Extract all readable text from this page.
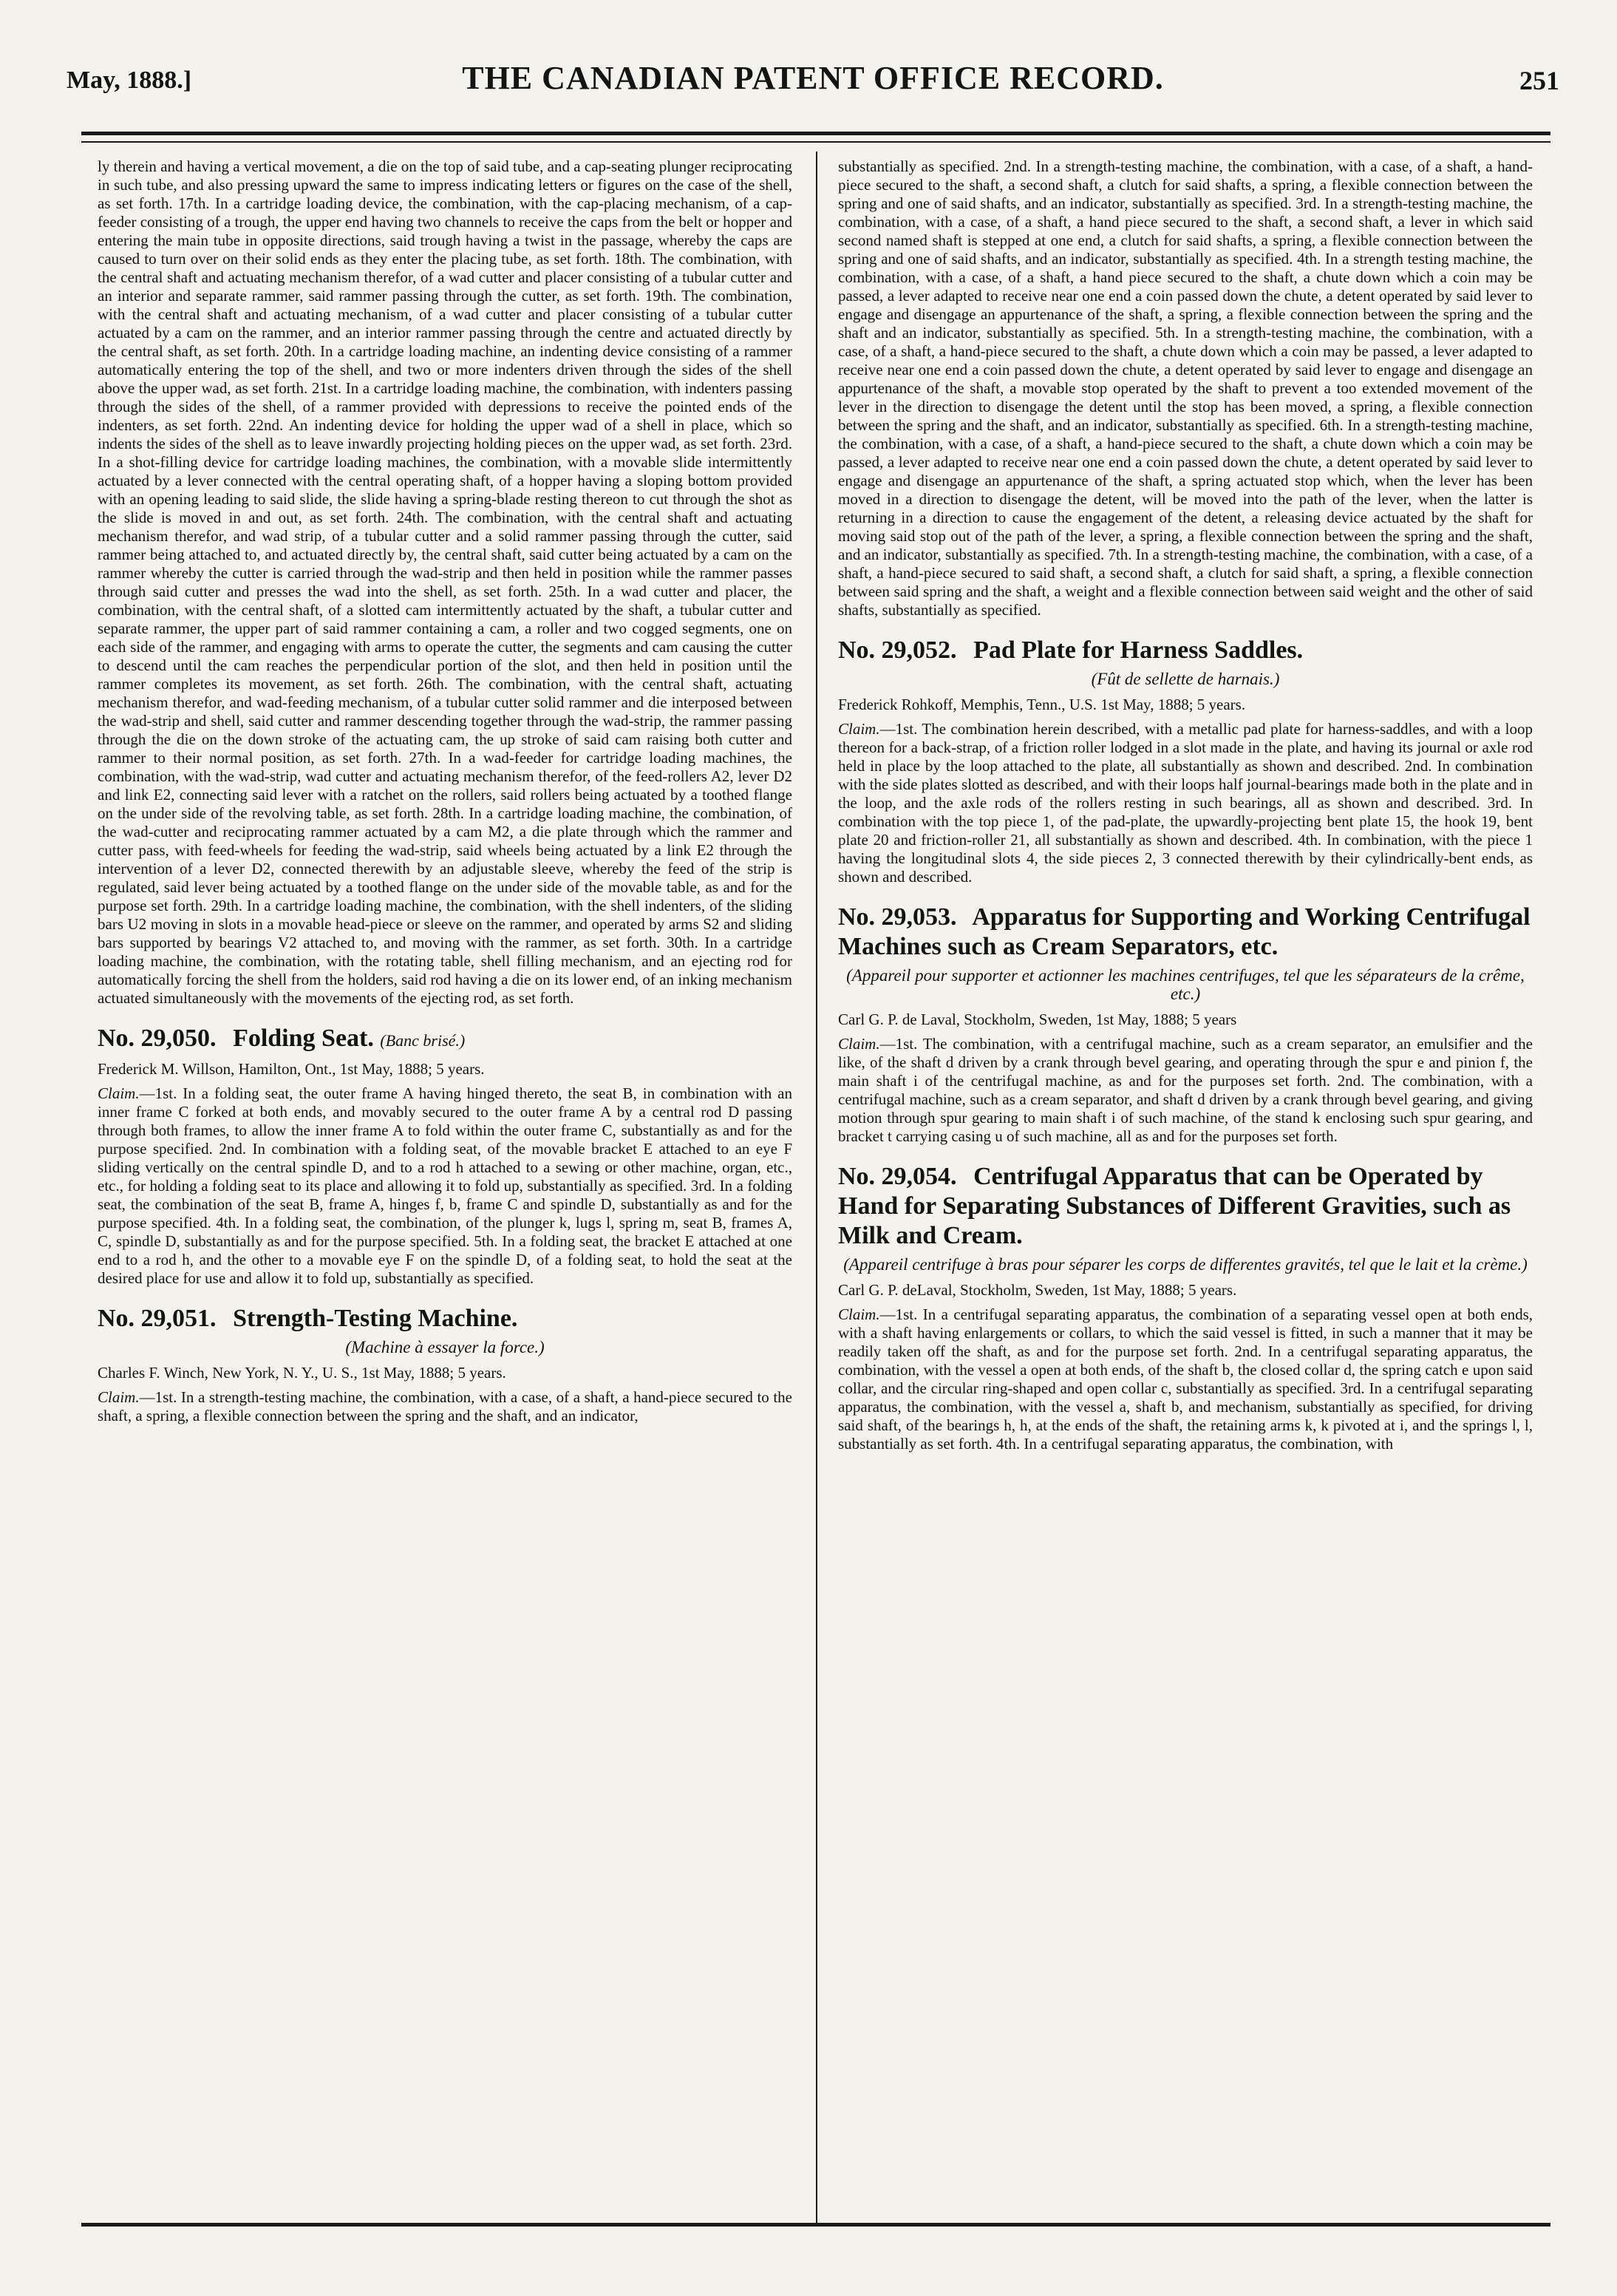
May, 1888.]	THE CANADIAN PATENT OFFICE RECORD.	251

ly therein and having a vertical movement, a die on the top of said tube, and a cap-seating plunger reciprocating in such tube, and also pressing upward the same to impress indicating letters or figures on the case of the shell, as set forth. 17th. In a cartridge loading device, the combination, with the cap-placing mechanism, of a cap-feeder consisting of a trough, the upper end having two channels to receive the caps from the belt or hopper and entering the main tube in opposite directions, said trough having a twist in the passage, whereby the caps are caused to turn over on their solid ends as they enter the placing tube, as set forth. 18th. The combination, with the central shaft and actuating mechanism therefor, of a wad cutter and placer consisting of a tubular cutter and an interior and separate rammer, said rammer passing through the cutter, as set forth. 19th. The combination, with the central shaft and actuating mechanism, of a wad cutter and placer consisting of a tubular cutter actuated by a cam on the rammer, and an interior rammer passing through the centre and actuated directly by the central shaft, as set forth. 20th. In a cartridge loading machine, an indenting device consisting of a rammer automatically entering the top of the shell, and two or more indenters driven through the sides of the shell above the upper wad, as set forth. 21st. In a cartridge loading machine, the combination, with indenters passing through the sides of the shell, of a rammer provided with depressions to receive the pointed ends of the indenters, as set forth. 22nd. An indenting device for holding the upper wad of a shell in place, which so indents the sides of the shell as to leave inwardly projecting holding pieces on the upper wad, as set forth. 23rd. In a shot-filling device for cartridge loading machines, the combination, with a movable slide intermittently actuated by a lever connected with the central operating shaft, of a hopper having a sloping bottom provided with an opening leading to said slide, the slide having a spring-blade resting thereon to cut through the shot as the slide is moved in and out, as set forth. 24th. The combination, with the central shaft and actuating mechanism therefor, and wad strip, of a tubular cutter and a solid rammer passing through the cutter, said rammer being attached to, and actuated directly by, the central shaft, said cutter being actuated by a cam on the rammer whereby the cutter is carried through the wad-strip and then held in position while the rammer passes through said cutter and presses the wad into the shell, as set forth. 25th. In a wad cutter and placer, the combination, with the central shaft, of a slotted cam intermittently actuated by the shaft, a tubular cutter and separate rammer, the upper part of said rammer containing a cam, a roller and two cogged segments, one on each side of the rammer, and engaging with arms to operate the cutter, the segments and cam causing the cutter to descend until the cam reaches the perpendicular portion of the slot, and then held in position until the rammer completes its movement, as set forth. 26th. The combination, with the central shaft, actuating mechanism therefor, and wad-feeding mechanism, of a tubular cutter solid rammer and die interposed between the wad-strip and shell, said cutter and rammer descending together through the wad-strip, the rammer passing through the die on the down stroke of the actuating cam, the up stroke of said cam raising both cutter and rammer to their normal position, as set forth. 27th. In a wad-feeder for cartridge loading machines, the combination, with the wad-strip, wad cutter and actuating mechanism therefor, of the feed-rollers A2, lever D2 and link E2, connecting said lever with a ratchet on the rollers, said rollers being actuated by a toothed flange on the under side of the revolving table, as set forth. 28th. In a cartridge loading machine, the combination, of the wad-cutter and reciprocating rammer actuated by a cam M2, a die plate through which the rammer and cutter pass, with feed-wheels for feeding the wad-strip, said wheels being actuated by a link E2 through the intervention of a lever D2, connected therewith by an adjustable sleeve, whereby the feed of the strip is regulated, said lever being actuated by a toothed flange on the under side of the movable table, as and for the purpose set forth. 29th. In a cartridge loading machine, the combination, with the shell indenters, of the sliding bars U2 moving in slots in a movable head-piece or sleeve on the rammer, and operated by arms S2 and sliding bars supported by bearings V2 attached to, and moving with the rammer, as set forth. 30th. In a cartridge loading machine, the combination, with the rotating table, shell filling mechanism, and an ejecting rod for automatically forcing the shell from the holders, said rod having a die on its lower end, of an inking mechanism actuated simultaneously with the movements of the ejecting rod, as set forth.

No. 29,050. Folding Seat. (Banc brisé.)
Frederick M. Willson, Hamilton, Ont., 1st May, 1888; 5 years.

Claim.—1st. In a folding seat, the outer frame A having hinged thereto, the seat B, in combination with an inner frame C forked at both ends, and movably secured to the outer frame A by a central rod D passing through both frames, to allow the inner frame A to fold within the outer frame C, substantially as and for the purpose specified. 2nd. In combination with a folding seat, of the movable bracket E attached to an eye F sliding vertically on the central spindle D, and to a rod h attached to a sewing or other machine, organ, etc., etc., for holding a folding seat to its place and allowing it to fold up, substantially as specified. 3rd. In a folding seat, the combination of the seat B, frame A, hinges f, b, frame C and spindle D, substantially as and for the purpose specified. 4th. In a folding seat, the combination, of the plunger k, lugs l, spring m, seat B, frames A, C, spindle D, substantially as and for the purpose specified. 5th. In a folding seat, the bracket E attached at one end to a rod h, and the other to a movable eye F on the spindle D, of a folding seat, to hold the seat at the desired place for use and allow it to fold up, substantially as specified.

No. 29,051. Strength-Testing Machine.
(Machine à essayer la force.)
Charles F. Winch, New York, N. Y., U. S., 1st May, 1888; 5 years.

Claim.—1st. In a strength-testing machine, the combination, with a case, of a shaft, a hand-piece secured to the shaft, a spring, a flexible connection between the spring and the shaft, and an indicator,

substantially as specified. 2nd. In a strength-testing machine, the combination, with a case, of a shaft, a hand-piece secured to the shaft, a second shaft, a clutch for said shafts, a spring, a flexible connection between the spring and one of said shafts, and an indicator, substantially as specified. 3rd. In a strength-testing machine, the combination, with a case, of a shaft, a hand piece secured to the shaft, a second shaft, a lever in which said second named shaft is stepped at one end, a clutch for said shafts, a spring, a flexible connection between the spring and one of said shafts, and an indicator, substantially as specified. 4th. In a strength testing machine, the combination, with a case, of a shaft, a hand piece secured to the shaft, a chute down which a coin may be passed, a lever adapted to receive near one end a coin passed down the chute, a detent operated by said lever to engage and disengage an appurtenance of the shaft, a spring, a flexible connection between the spring and the shaft and an indicator, substantially as specified. 5th. In a strength-testing machine, the combination, with a case, of a shaft, a hand-piece secured to the shaft, a chute down which a coin may be passed, a lever adapted to receive near one end a coin passed down the chute, a detent operated by said lever to engage and disengage an appurtenance of the shaft, a movable stop operated by the shaft to prevent a too extended movement of the lever in the direction to disengage the detent until the stop has been moved, a spring, a flexible connection between the spring and the shaft, and an indicator, substantially as specified. 6th. In a strength-testing machine, the combination, with a case, of a shaft, a hand-piece secured to the shaft, a chute down which a coin may be passed, a lever adapted to receive near one end a coin passed down the chute, a detent operated by said lever to engage and disengage an appurtenance of the shaft, a spring actuated stop which, when the lever has been moved in a direction to disengage the detent, will be moved into the path of the lever, when the latter is returning in a direction to cause the engagement of the detent, a releasing device actuated by the shaft for moving said stop out of the path of the lever, a spring, a flexible connection between the spring and the shaft, and an indicator, substantially as specified. 7th. In a strength-testing machine, the combination, with a case, of a shaft, a hand-piece secured to said shaft, a second shaft, a clutch for said shaft, a spring, a flexible connection between said spring and the shaft, a weight and a flexible connection between said weight and the other of said shafts, substantially as specified.

No. 29,052. Pad Plate for Harness Saddles.
(Fût de sellette de harnais.)
Frederick Rohkoff, Memphis, Tenn., U.S. 1st May, 1888; 5 years.

Claim.—1st. The combination herein described, with a metallic pad plate for harness-saddles, and with a loop thereon for a back-strap, of a friction roller lodged in a slot made in the plate, and having its journal or axle rod held in place by the loop attached to the plate, all substantially as shown and described. 2nd. In combination with the side plates slotted as described, and with their loops half journal-bearings made both in the plate and in the loop, and the axle rods of the rollers resting in such bearings, all as shown and described. 3rd. In combination with the top piece 1, of the pad-plate, the upwardly-projecting bent plate 15, the hook 19, bent plate 20 and friction-roller 21, all substantially as shown and described. 4th. In combination, with the piece 1 having the longitudinal slots 4, the side pieces 2, 3 connected therewith by their cylindrically-bent ends, as shown and described.

No. 29,053. Apparatus for Supporting and Working Centrifugal Machines such as Cream Separators, etc.
(Appareil pour supporter et actionner les machines centrifuges, tel que les séparateurs de la crême, etc.)
Carl G. P. de Laval, Stockholm, Sweden, 1st May, 1888; 5 years

Claim.—1st. The combination, with a centrifugal machine, such as a cream separator, an emulsifier and the like, of the shaft d driven by a crank through bevel gearing, and operating through the spur e and pinion f, the main shaft i of the centrifugal machine, as and for the purposes set forth. 2nd. The combination, with a centrifugal machine, such as a cream separator, and shaft d driven by a crank through bevel gearing, and giving motion through spur gearing to main shaft i of such machine, of the stand k enclosing such spur gearing, and bracket t carrying casing u of such machine, all as and for the purposes set forth.

No. 29,054. Centrifugal Apparatus that can be Operated by Hand for Separating Substances of Different Gravities, such as Milk and Cream.
(Appareil centrifuge à bras pour séparer les corps de differentes gravités, tel que le lait et la crème.)
Carl G. P. deLaval, Stockholm, Sweden, 1st May, 1888; 5 years.

Claim.—1st. In a centrifugal separating apparatus, the combination of a separating vessel open at both ends, with a shaft having enlargements or collars, to which the said vessel is fitted, in such a manner that it may be readily taken off the shaft, as and for the purpose set forth. 2nd. In a centrifugal separating apparatus, the combination, with the vessel a open at both ends, of the shaft b, the closed collar d, the spring catch e upon said collar, and the circular ring-shaped and open collar c, substantially as specified. 3rd. In a centrifugal separating apparatus, the combination, with the vessel a, shaft b, and mechanism, substantially as specified, for driving said shaft, of the bearings h, h, at the ends of the shaft, the retaining arms k, k pivoted at i, and the springs l, l, substantially as set forth. 4th. In a centrifugal separating apparatus, the combination, with
